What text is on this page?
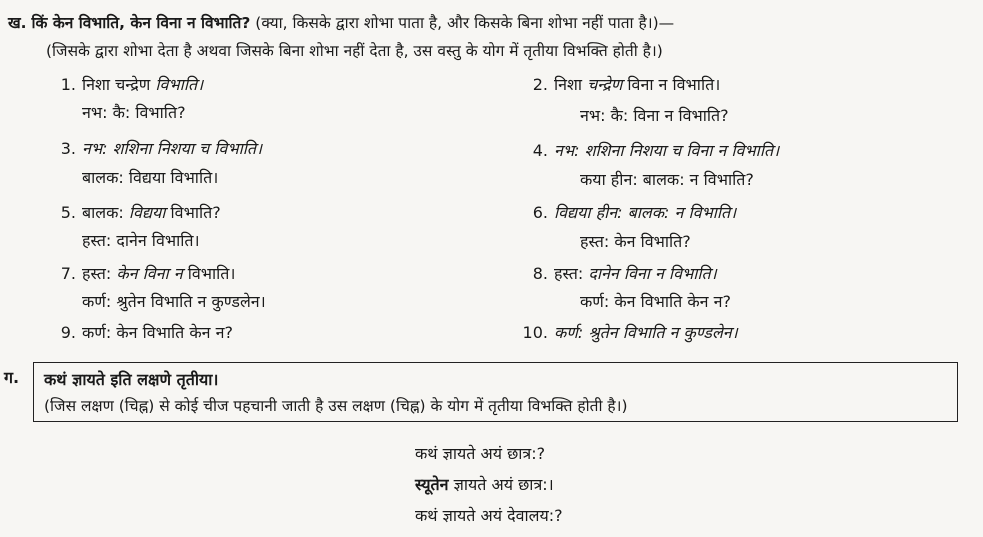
ख. किं केन विभाति, केन विना न विभाति? (क्या, किसके द्वारा शोभा पाता है, और किसके बिना शोभा नहीं पाता है।)—
(जिसके द्वारा शोभा देता है अथवा जिसके बिना शोभा नहीं देता है, उस वस्तु के योग में तृतीया विभक्ति होती है।)
1. निशा चन्द्रेण विभाति।
नभ: कै: विभाति?
3. नभ: शशिना निशया च विभाति।
बालक: विद्यया विभाति।
5. बालक: विद्यया विभाति?
हस्त: दानेन विभाति।
7. हस्त: केन विना न विभाति।
कर्ण: श्रुतेन विभाति न कुण्डलेन।
9. कर्ण: केन विभाति केन न?
2. निशा चन्द्रेण विना न विभाति।
नभ: कै: विना न विभाति?
4. नभ: शशिना निशया च विना न विभाति।
कया हीन: बालक: न विभाति?
6. विद्यया हीन: बालक: न विभाति।
हस्त: केन विभाति?
8. हस्त: दानेन विना न विभाति।
कर्ण: केन विभाति केन न?
10. कर्ण: श्रुतेन विभाति न कुण्डलेन।
ग. कथं ज्ञायते इति लक्षणे तृतीया।
(जिस लक्षण (चिह्न) से कोई चीज पहचानी जाती है उस लक्षण (चिह्न) के योग में तृतीया विभक्ति होती है।)
कथं ज्ञायते अयं छात्र:?
स्यूतेन ज्ञायते अयं छात्र:।
कथं ज्ञायते अयं देवालय:?
